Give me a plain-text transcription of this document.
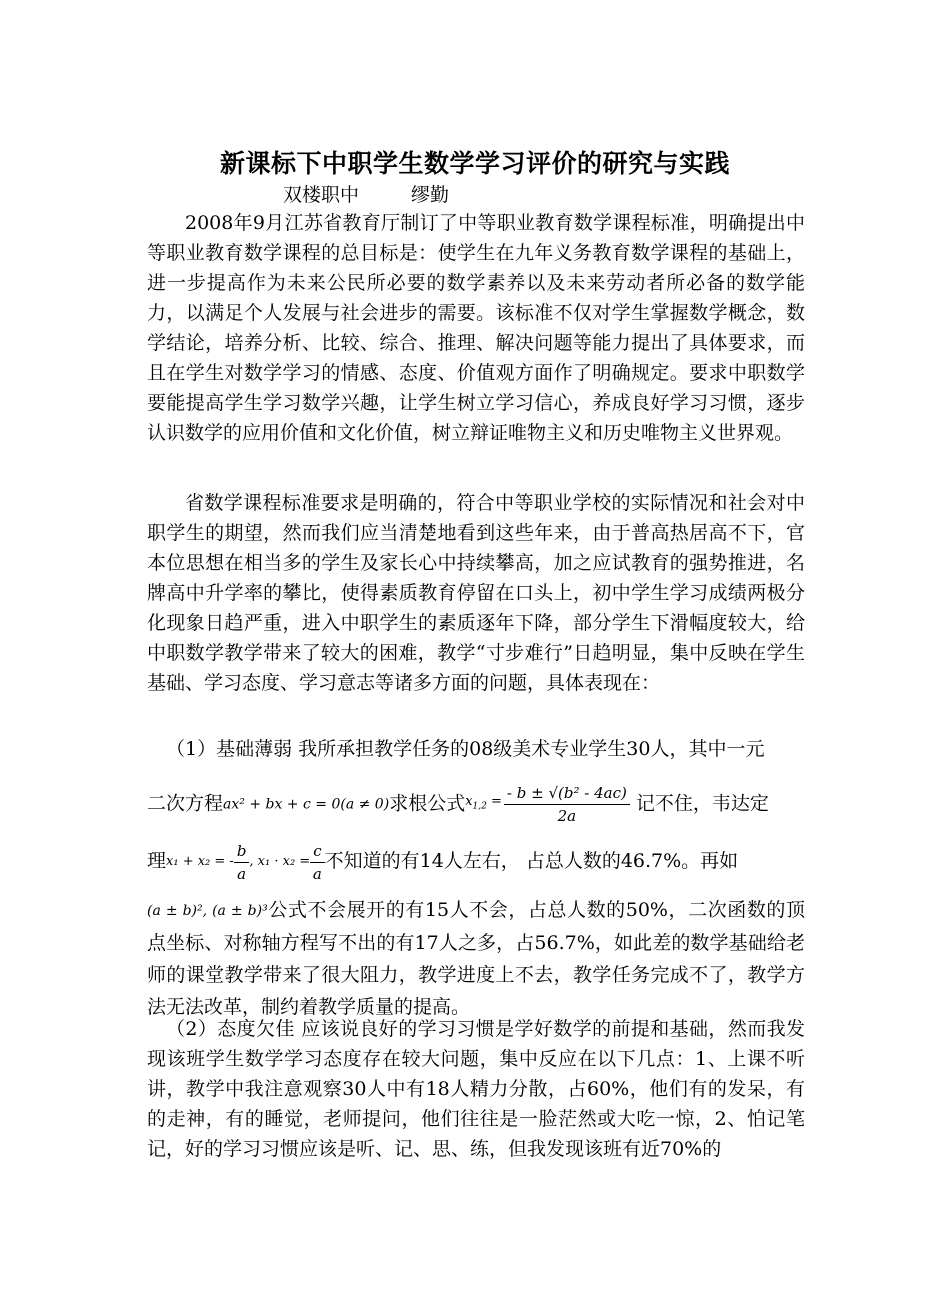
新课标下中职学生数学学习评价的研究与实践
双楼职中	缪勤
2008年9月江苏省教育厅制订了中等职业教育数学课程标准，明确提出中等职业教育数学课程的总目标是：使学生在九年义务教育数学课程的基础上，进一步提高作为未来公民所必要的数学素养以及未来劳动者所必备的数学能力，以满足个人发展与社会进步的需要。该标准不仅对学生掌握数学概念，数学结论，培养分析、比较、综合、推理、解决问题等能力提出了具体要求，而且在学生对数学学习的情感、态度、价值观方面作了明确规定。要求中职数学要能提高学生学习数学兴趣，让学生树立学习信心，养成良好学习习惯，逐步认识数学的应用价值和文化价值，树立辩证唯物主义和历史唯物主义世界观。
省数学课程标准要求是明确的，符合中等职业学校的实际情况和社会对中职学生的期望，然而我们应当清楚地看到这些年来，由于普高热居高不下，官本位思想在相当多的学生及家长心中持续攀高，加之应试教育的强势推进，名牌高中升学率的攀比，使得素质教育停留在口头上，初中学生学习成绩两极分化现象日趋严重，进入中职学生的素质逐年下降，部分学生下滑幅度较大，给中职数学教学带来了较大的困难，教学“寸步难行”日趋明显，集中反映在学生基础、学习态度、学习意志等诸多方面的问题，具体表现在：
（1）基础薄弱 我所承担教学任务的08级美术专业学生30人，其中一元
二次方程ax² + bx + c = 0(a ≠ 0)求根公式$x_{1,2} = \frac{\text{- b ± √(b² - 4ac)}}{2a}$ 记不住，韦达定
理x₁ + x₂ = - $\frac{b}{a}$ , $x_1 \cdot x_2 = \frac{c}{a}$ 不知道的有14人左右， 占总人数的46.7%。再如
(a ± b)², (a ± b)³公式不会展开的有15人不会，占总人数的50%，二次函数的顶点坐标、对称轴方程写不出的有17人之多，占56.7%，如此差的数学基础给老师的课堂教学带来了很大阻力，教学进度上不去，教学任务完成不了，教学方法无法改革，制约着教学质量的提高。
（2）态度欠佳 应该说良好的学习习惯是学好数学的前提和基础，然而我发现该班学生数学学习态度存在较大问题，集中反应在以下几点：1、上课不听讲，教学中我注意观察30人中有18人精力分散，占60%，他们有的发呆，有的走神，有的睡觉，老师提问，他们往往是一脸茫然或大吃一惊，2、怕记笔记，好的学习习惯应该是听、记、思、练，但我发现该班有近70%的
